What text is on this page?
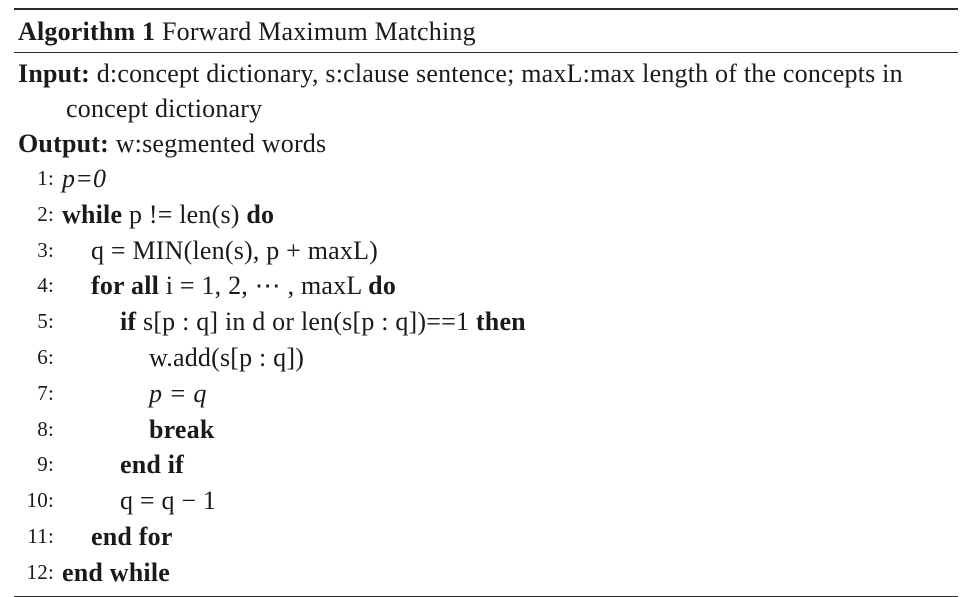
Algorithm 1 Forward Maximum Matching
Input: d:concept dictionary, s:clause sentence; maxL:max length of the concepts in concept dictionary
Output: w:segmented words
1: p=0
2: while p != len(s) do
3: q = MIN(len(s), p + maxL)
4: for all i = 1, 2, ⋯ , maxL do
5:	if s[p : q] in d or len(s[p : q])==1 then
6:	w.add(s[p : q])
7:	p = q
8:	break
9:	end if
10:	q = q − 1
11: end for
12: end while
